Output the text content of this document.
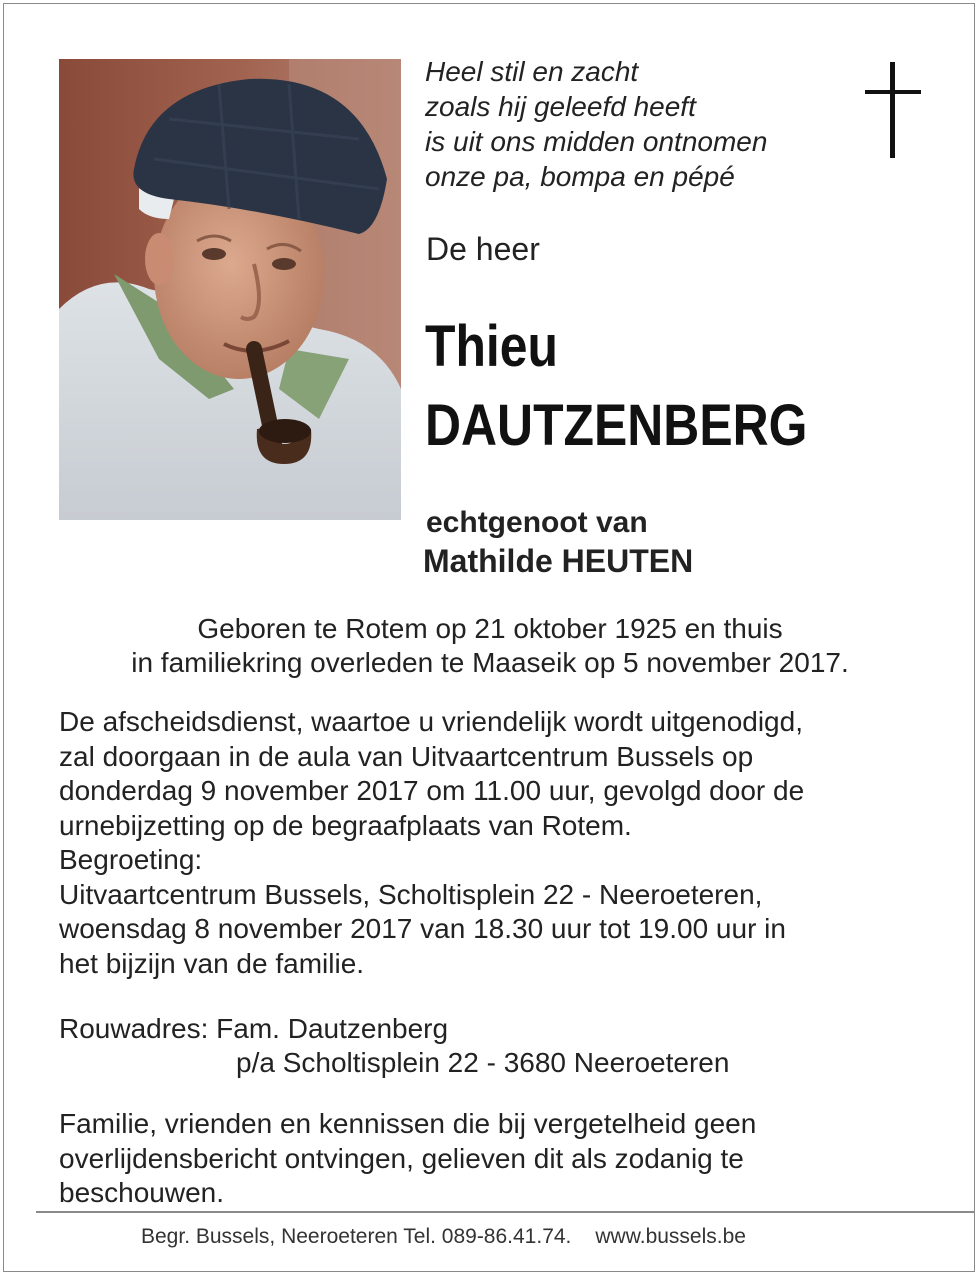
Heel stil en zacht
zoals hij geleefd heeft
is uit ons midden ontnomen
onze pa, bompa en pépé
De heer
Thieu
DAUTZENBERG
echtgenoot van
Mathilde HEUTEN
Geboren te Rotem op 21 oktober 1925 en thuis
in familiekring overleden te Maaseik op 5 november 2017.
De afscheidsdienst, waartoe u vriendelijk wordt uitgenodigd,
zal doorgaan in de aula van Uitvaartcentrum Bussels op
donderdag 9 november 2017 om 11.00 uur, gevolgd door de
urnebijzetting op de begraafplaats van Rotem.
Begroeting:
Uitvaartcentrum Bussels, Scholtisplein 22 - Neeroeteren,
woensdag 8 november 2017 van 18.30 uur tot 19.00 uur in
het bijzijn van de familie.
Rouwadres: Fam. Dautzenberg
p/a Scholtisplein 22 - 3680 Neeroeteren
Familie, vrienden en kennissen die bij vergetelheid geen
overlijdensbericht ontvingen, gelieven dit als zodanig te
beschouwen.
Begr. Bussels, Neeroeteren Tel. 089-86.41.74. www.bussels.be
